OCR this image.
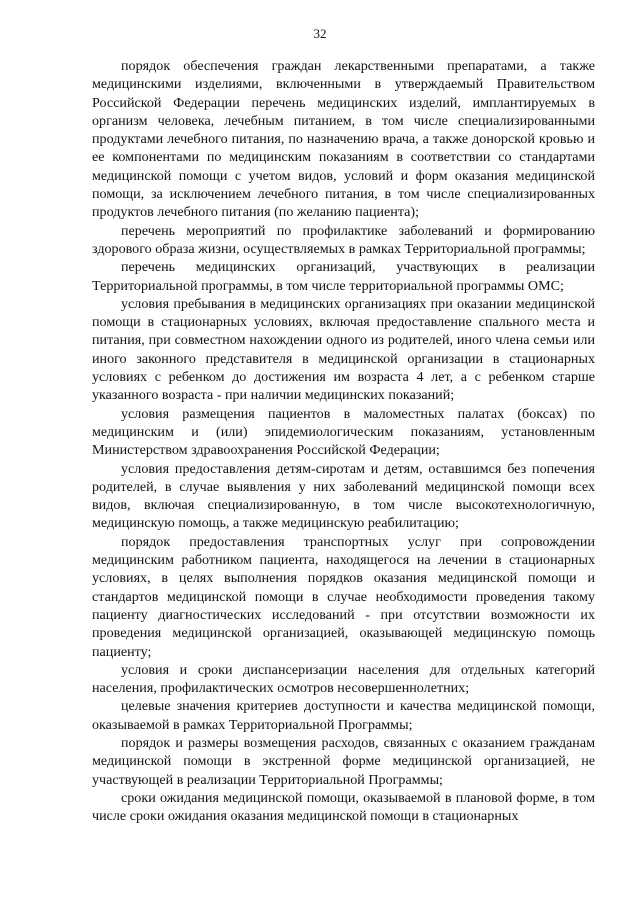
32

порядок обеспечения граждан лекарственными препаратами, а также медицинскими изделиями, включенными в утверждаемый Правительством Российской Федерации перечень медицинских изделий, имплантируемых в организм человека, лечебным питанием, в том числе специализированными продуктами лечебного питания, по назначению врача, а также донорской кровью и ее компонентами по медицинским показаниям в соответствии со стандартами медицинской помощи с учетом видов, условий и форм оказания медицинской помощи, за исключением лечебного питания, в том числе специализированных продуктов лечебного питания (по желанию пациента);

перечень мероприятий по профилактике заболеваний и формированию здорового образа жизни, осуществляемых в рамках Территориальной программы;

перечень медицинских организаций, участвующих в реализации Территориальной программы, в том числе территориальной программы ОМС;

условия пребывания в медицинских организациях при оказании медицинской помощи в стационарных условиях, включая предоставление спального места и питания, при совместном нахождении одного из родителей, иного члена семьи или иного законного представителя в медицинской организации в стационарных условиях с ребенком до достижения им возраста 4 лет, а с ребенком старше указанного возраста - при наличии медицинских показаний;

условия размещения пациентов в маломестных палатах (боксах) по медицинским и (или) эпидемиологическим показаниям, установленным Министерством здравоохранения Российской Федерации;

условия предоставления детям-сиротам и детям, оставшимся без попечения родителей, в случае выявления у них заболеваний медицинской помощи всех видов, включая специализированную, в том числе высокотехнологичную, медицинскую помощь, а также медицинскую реабилитацию;

порядок предоставления транспортных услуг при сопровождении медицинским работником пациента, находящегося на лечении в стационарных условиях, в целях выполнения порядков оказания медицинской помощи и стандартов медицинской помощи в случае необходимости проведения такому пациенту диагностических исследований - при отсутствии возможности их проведения медицинской организацией, оказывающей медицинскую помощь пациенту;

условия и сроки диспансеризации населения для отдельных категорий населения, профилактических осмотров несовершеннолетних;

целевые значения критериев доступности и качества медицинской помощи, оказываемой в рамках Территориальной Программы;

порядок и размеры возмещения расходов, связанных с оказанием гражданам медицинской помощи в экстренной форме медицинской организацией, не участвующей в реализации Территориальной Программы;

сроки ожидания медицинской помощи, оказываемой в плановой форме, в том числе сроки ожидания оказания медицинской помощи в стационарных
